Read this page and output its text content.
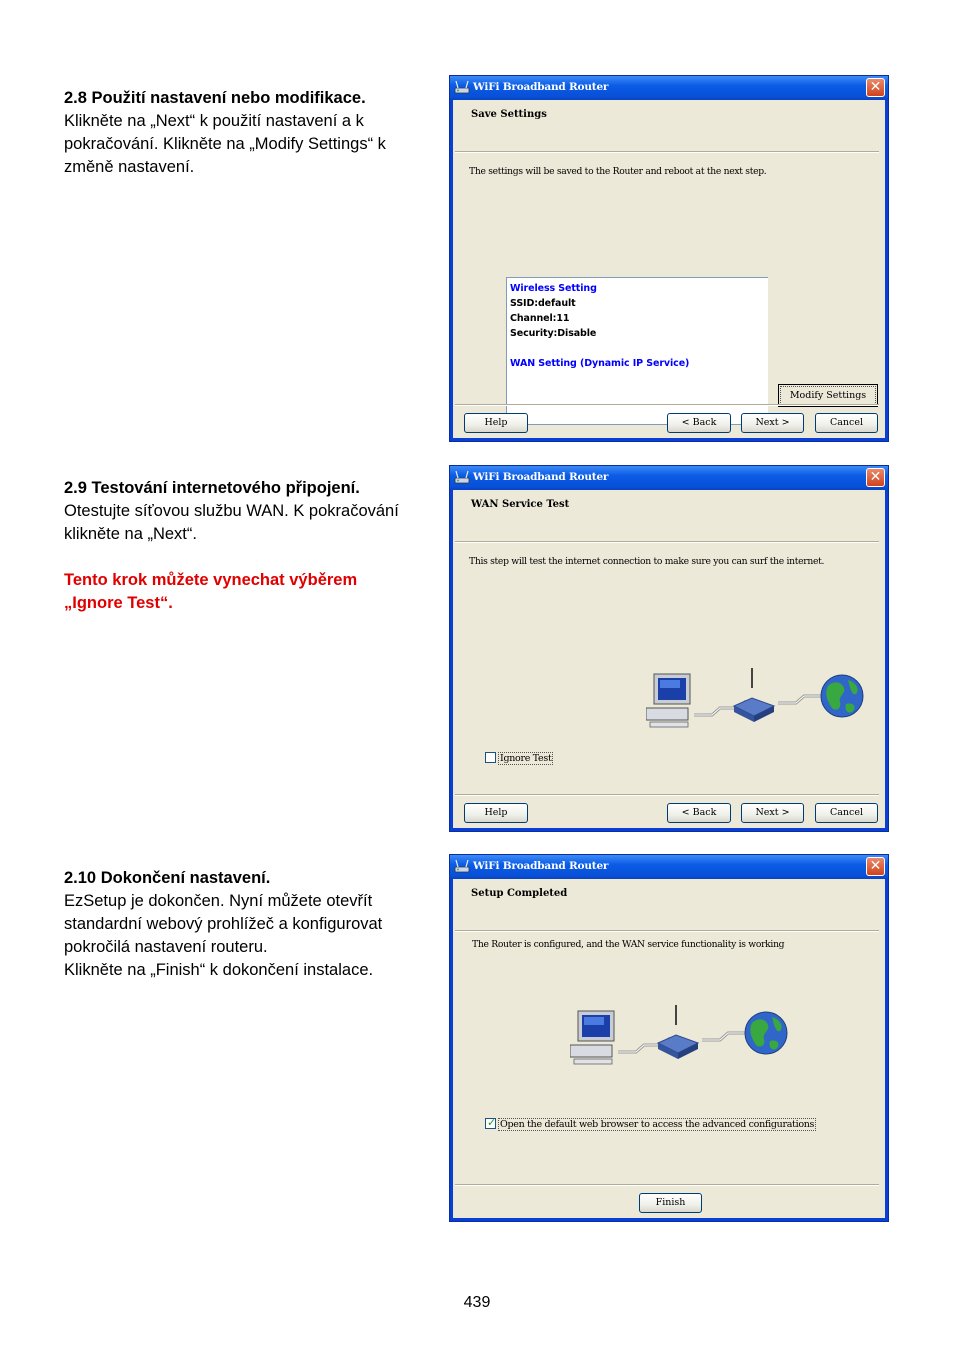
2.8 Použití nastavení nebo modifikace.
Klikněte na „Next“ k použití nastavení a k
pokračování. Klikněte na „Modify Settings“ k
změně nastavení.
2.9 Testování internetového připojení.
Otestujte síťovou službu WAN. K pokračování
klikněte na „Next“.
Tento krok můžete vynechat výběrem
„Ignore Test“.
2.10 Dokončení nastavení.
EzSetup je dokončen. Nyní můžete otevřít
standardní webový prohlížeč a konfigurovat
pokročilá nastavení routeru.
Klikněte na „Finish“ k dokončení instalace.
WiFi Broadband Router	✕
Save Settings
The settings will be saved to the Router and reboot at the next step.
Wireless Setting
SSID:default
Channel:11
Security:Disable
WAN Setting (Dynamic IP Service)
Modify Settings
Help	< Back	Next >	Cancel
WiFi Broadband Router	✕
WAN Service Test
This step will test the internet connection to make sure you can surf the internet.
Ignore Test
Help	< Back	Next >	Cancel
WiFi Broadband Router	✕
Setup Completed
The Router is configured, and the WAN service functionality is working
✓ Open the default web browser to access the advanced configurations
Finish
439
